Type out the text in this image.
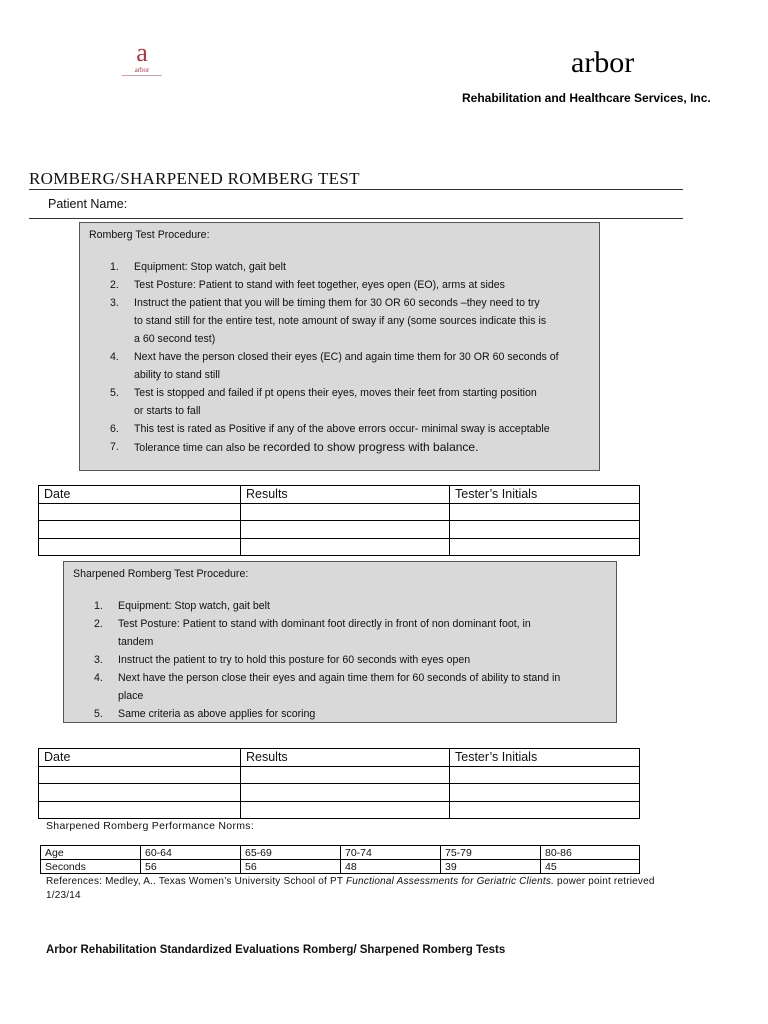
a
arbor	arbor
Rehabilitation and Healthcare Services, Inc.
ROMBERG/SHARPENED ROMBERG TEST
Patient Name:
Romberg Test Procedure:
1. Equipment: Stop watch, gait belt
2. Test Posture: Patient to stand with feet together, eyes open (EO), arms at sides
3. Instruct the patient that you will be timing them for 30 OR 60 seconds –they need to try
to stand still for the entire test, note amount of sway if any (some sources indicate this is
a 60 second test)
4. Next have the person closed their eyes (EC) and again time them for 30 OR 60 seconds of
ability to stand still
5. Test is stopped and failed if pt opens their eyes, moves their feet from starting position
or starts to fall
6. This test is rated as Positive if any of the above errors occur- minimal sway is acceptable
7. Tolerance time can also be recorded to show progress with balance.
Date	Results	Tester’s Initials

Sharpened Romberg Test Procedure:
1. Equipment: Stop watch, gait belt
2. Test Posture: Patient to stand with dominant foot directly in front of non dominant foot, in
tandem
3. Instruct the patient to try to hold this posture for 60 seconds with eyes open
4. Next have the person close their eyes and again time them for 60 seconds of ability to stand in
place
5. Same criteria as above applies for scoring
Date	Results	Tester’s Initials

Sharpened Romberg Performance Norms:
Age	60-64	65-69	70-74	75-79	80-86
Seconds	56	56	48	39	45
References: Medley, A.. Texas Women’s University School of PT Functional Assessments for Geriatric Clients. power point retrieved
1/23/14
Arbor Rehabilitation Standardized Evaluations Romberg/ Sharpened Romberg Tests
